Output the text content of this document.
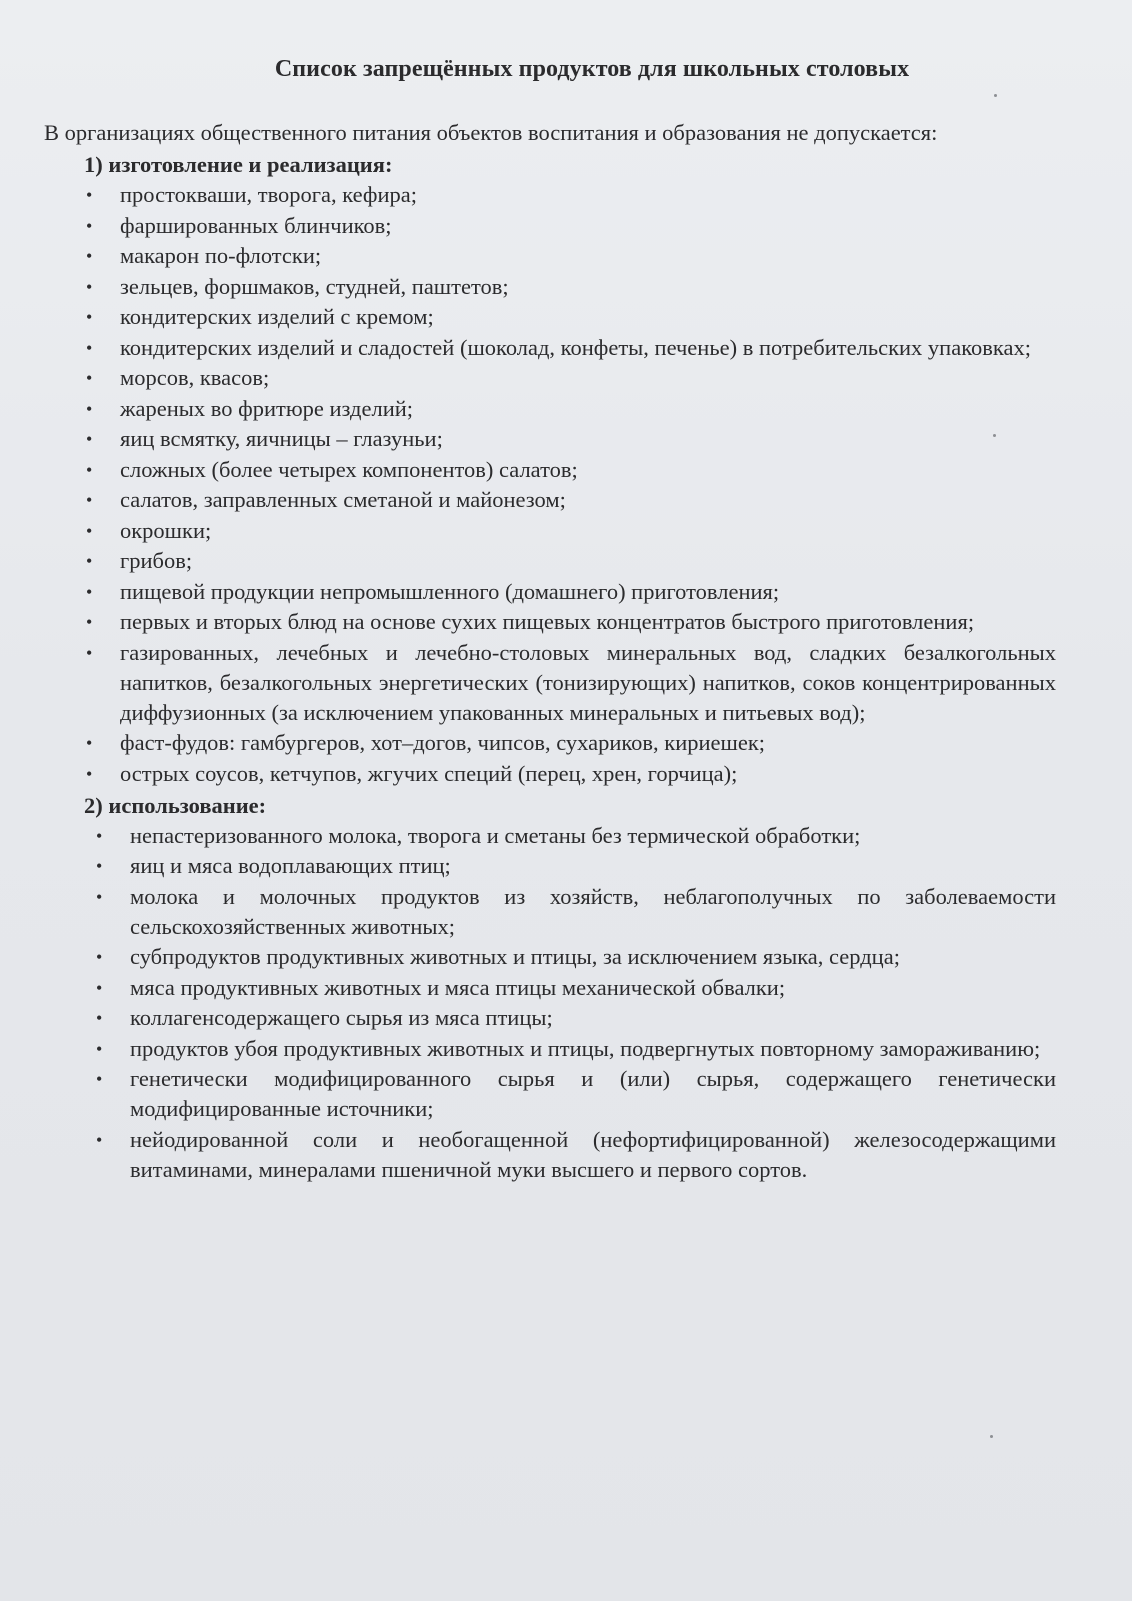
Список запрещённых продуктов для школьных столовых

В организациях общественного питания объектов воспитания и образования не допускается:

1) изготовление и реализация:
• простокваши, творога, кефира;
• фаршированных блинчиков;
• макарон по-флотски;
• зельцев, форшмаков, студней, паштетов;
• кондитерских изделий с кремом;
• кондитерских изделий и сладостей (шоколад, конфеты, печенье) в потребительских упаковках;
• морсов, квасов;
• жареных во фритюре изделий;
• яиц всмятку, яичницы – глазуньи;
• сложных (более четырех компонентов) салатов;
• салатов, заправленных сметаной и майонезом;
• окрошки;
• грибов;
• пищевой продукции непромышленного (домашнего) приготовления;
• первых и вторых блюд на основе сухих пищевых концентратов быстрого приготовления;
• газированных, лечебных и лечебно-столовых минеральных вод, сладких безалкогольных напитков, безалкогольных энергетических (тонизирующих) напитков, соков концентрированных диффузионных (за исключением упакованных минеральных и питьевых вод);
• фаст-фудов: гамбургеров, хот–догов, чипсов, сухариков, кириешек;
• острых соусов, кетчупов, жгучих специй (перец, хрен, горчица);
2) использование:
• непастеризованного молока, творога и сметаны без термической обработки;
• яиц и мяса водоплавающих птиц;
• молока и молочных продуктов из хозяйств, неблагополучных по заболеваемости сельскохозяйственных животных;
• субпродуктов продуктивных животных и птицы, за исключением языка, сердца;
• мяса продуктивных животных и мяса птицы механической обвалки;
• коллагенсодержащего сырья из мяса птицы;
• продуктов убоя продуктивных животных и птицы, подвергнутых повторному замораживанию;
• генетически модифицированного сырья и (или) сырья, содержащего генетически модифицированные источники;
• нейодированной соли и необогащенной (нефортифицированной) железосодержащими витаминами, минералами пшеничной муки высшего и первого сортов.
